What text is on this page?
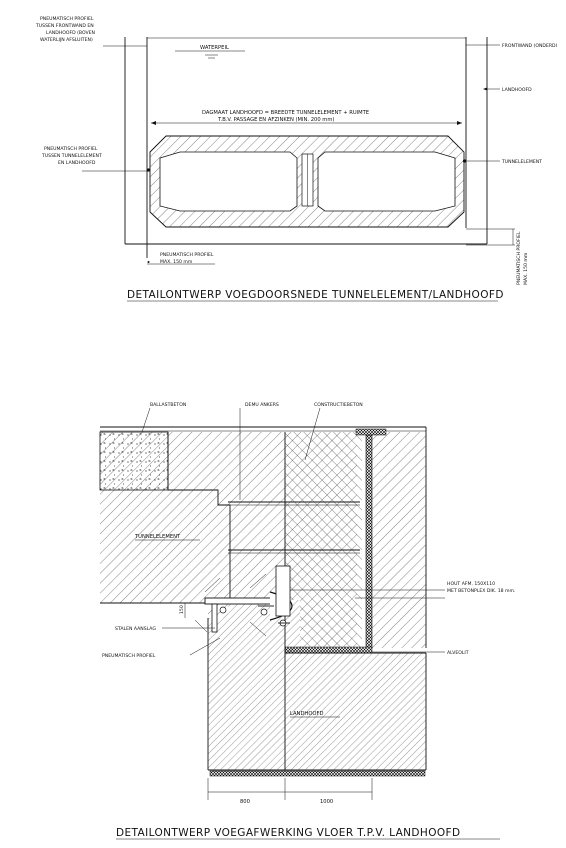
PNEUMATISCH PROFIEL
TUSSEN FRONTWAND EN
LANDHOOFD (BOVEN
WATERLIJN AFSLUITEN)
WATERPEIL	FRONTWAND (ONDERDI
LANDHOOFD
DAGMAAT LANDHOOFD = BREEDTE TUNNELELEMENT + RUIMTE
T.B.V. PASSAGE EN AFZINKEN (MIN. 200 mm)
PNEUMATISCH PROFIEL
TUSSEN TUNNELELEMENT
EN LANDHOOFD	TUNNELELEMENT
PNEUMATISCH PROFIEL
MAX. 150 mm	PNEUMATISCH PROFIEL MAX. 150 mm
DETAILONTWERP VOEGDOORSNEDE TUNNELELEMENT/LANDHOOFD
150
800	1000
BALLASTBETON	DEMU ANKERS	CONSTRUCTIEBETON
TUNNELELEMENT
HOUT AFM. 150X110
MET BETONPLEX DIK. 18 mm.
STALEN AANSLAG
PNEUMATISCH PROFIEL
ALVEOLIT
LANDHOOFD
DETAILONTWERP VOEGAFWERKING VLOER T.P.V. LANDHOOFD
